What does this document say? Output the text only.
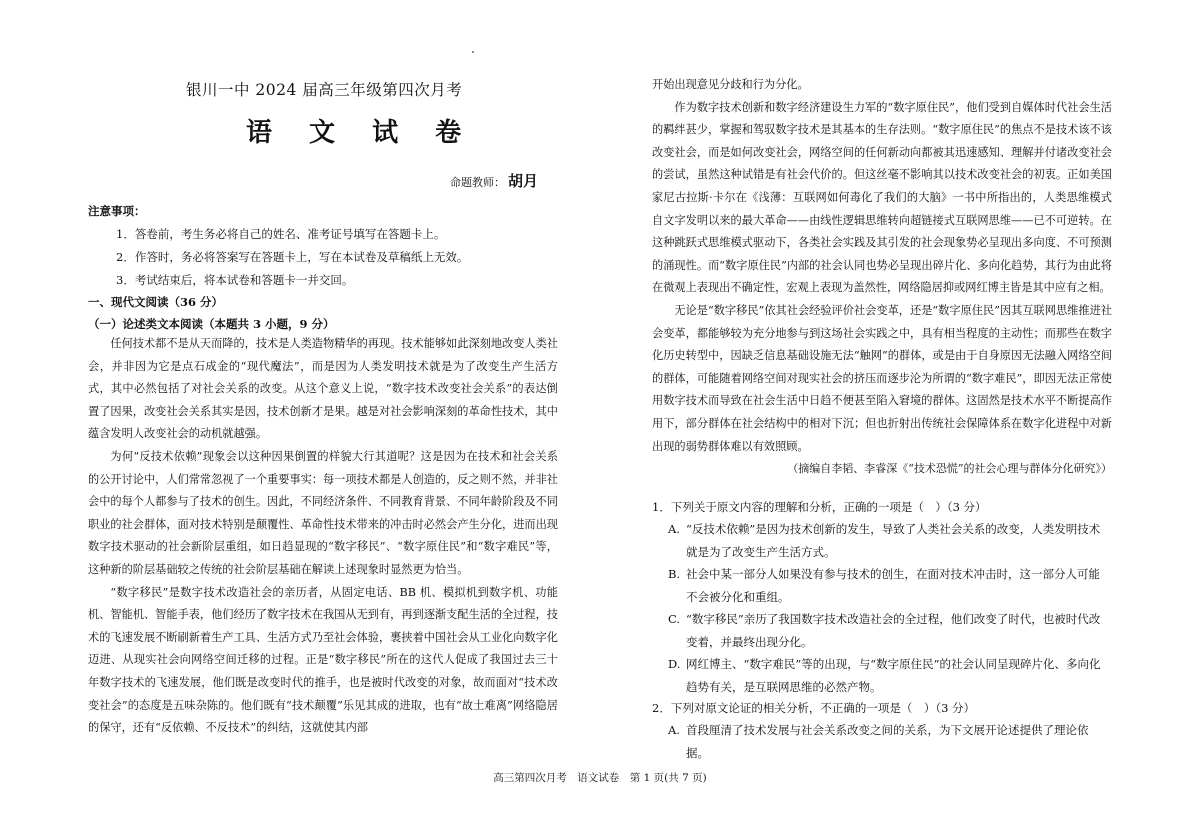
银川一中 2024 届高三年级第四次月考
语 文 试 卷
命题教师： 胡月
注意事项：
1．答卷前，考生务必将自己的姓名、准考证号填写在答题卡上。
2．作答时，务必将答案写在答题卡上，写在本试卷及草稿纸上无效。
3．考试结束后，将本试卷和答题卡一并交回。
一、现代文阅读（36 分）
（一）论述类文本阅读（本题共 3 小题，9 分）

任何技术都不是从天而降的，技术是人类造物精华的再现。技术能够如此深刻地改变人类社会，并非因为它是点石成金的“现代魔法”，而是因为人类发明技术就是为了改变生产生活方式，其中必然包括了对社会关系的改变。从这个意义上说，“数字技术改变社会关系”的表达倒置了因果，改变社会关系其实是因，技术创新才是果。越是对社会影响深刻的革命性技术，其中蕴含发明人改变社会的动机就越强。

为何“反技术依赖”现象会以这种因果倒置的样貌大行其道呢？这是因为在技术和社会关系的公开讨论中，人们常常忽视了一个重要事实：每一项技术都是人创造的，反之则不然，并非社会中的每个人都参与了技术的创生。因此，不同经济条件、不同教育背景、不同年龄阶段及不同职业的社会群体，面对技术特别是颠覆性、革命性技术带来的冲击时必然会产生分化，进而出现数字技术驱动的社会新阶层重组，如日趋显现的“数字移民”、“数字原住民”和“数字难民”等，这种新的阶层基础较之传统的社会阶层基础在解读上述现象时显然更为恰当。

“数字移民”是数字技术改造社会的亲历者，从固定电话、BB 机、模拟机到数字机、功能机、智能机、智能手表，他们经历了数字技术在我国从无到有，再到逐渐支配生活的全过程，技术的飞速发展不断刷新着生产工具、生活方式乃至社会体验，裹挟着中国社会从工业化向数字化迈进、从现实社会向网络空间迁移的过程。正是“数字移民”所在的这代人促成了我国过去三十年数字技术的飞速发展，他们既是改变时代的推手，也是被时代改变的对象，故而面对“技术改变社会”的态度是五味杂陈的。他们既有“技术颠覆”乐见其成的进取，也有“故土难离”网络隐居的保守，还有“反依赖、不反技术”的纠结，这就使其内部

开始出现意见分歧和行为分化。

作为数字技术创新和数字经济建设生力军的“数字原住民”，他们受到自媒体时代社会生活的羁绊甚少，掌握和驾驭数字技术是其基本的生存法则。“数字原住民”的焦点不是技术该不该改变社会，而是如何改变社会，网络空间的任何新动向都被其迅速感知、理解并付诸改变社会的尝试，虽然这种试错是有社会代价的。但这丝毫不影响其以技术改变社会的初衷。正如美国家尼古拉斯·卡尔在《浅薄：互联网如何毒化了我们的大脑》一书中所指出的，人类思维模式自文字发明以来的最大革命——由线性逻辑思维转向超链接式互联网思维——已不可逆转。在这种跳跃式思维模式驱动下，各类社会实践及其引发的社会现象势必呈现出多向度、不可预测的涌现性。而“数字原住民”内部的社会认同也势必呈现出碎片化、多向化趋势，其行为由此将在微观上表现出不确定性，宏观上表现为盖然性，网络隐居抑或网红博主皆是其中应有之相。

无论是“数字移民”依其社会经验评价社会变革，还是“数字原住民”因其互联网思维推进社会变革，都能够较为充分地参与到这场社会实践之中，具有相当程度的主动性；而那些在数字化历史转型中，因缺乏信息基础设施无法“触网”的群体，或是由于自身原因无法融入网络空间的群体，可能随着网络空间对现实社会的挤压而逐步沦为所谓的“数字难民”，即因无法正常使用数字技术而导致在社会生活中日趋不便甚至陷入窘境的群体。这固然是技术水平不断提高作用下，部分群体在社会结构中的相对下沉；但也折射出传统社会保障体系在数字化进程中对新出现的弱势群体难以有效照顾。

（摘编自李韬、李睿深《“技术恐慌”的社会心理与群体分化研究》）

1．下列关于原文内容的理解和分析，正确的一项是（　）（3 分）
A. “反技术依赖”是因为技术创新的发生，导致了人类社会关系的改变，人类发明技术就是为了改变生产生活方式。
B. 社会中某一部分人如果没有参与技术的创生，在面对技术冲击时，这一部分人可能不会被分化和重组。
C. “数字移民”亲历了我国数字技术改造社会的全过程，他们改变了时代，也被时代改变着，并最终出现分化。
D. 网红博主、“数字难民”等的出现，与“数字原住民”的社会认同呈现碎片化、多向化趋势有关，是互联网思维的必然产物。
2．下列对原文论证的相关分析，不正确的一项是（　）（3 分）
A. 首段厘清了技术发展与社会关系改变之间的关系，为下文展开论述提供了理论依据。
高三第四次月考　语文试卷　第 1 页(共 7 页)
